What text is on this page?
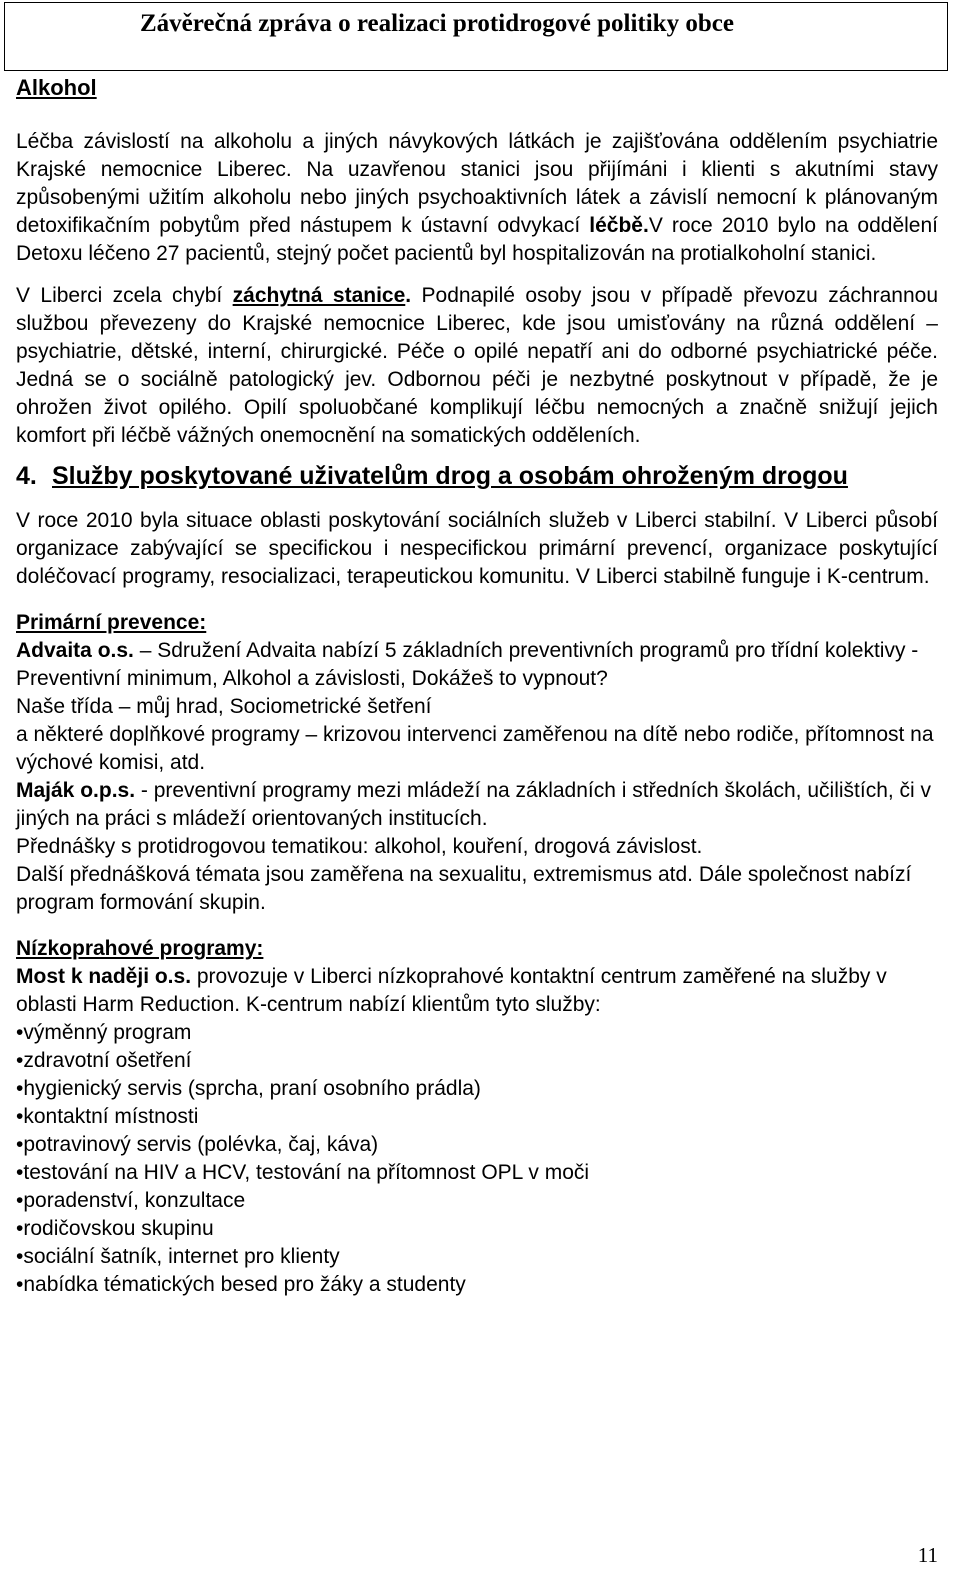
Závěrečná zpráva o realizaci protidrogové politiky obce
Alkohol

Léčba závislostí na alkoholu a jiných návykových látkách je zajišťována oddělením psychiatrie Krajské nemocnice Liberec. Na uzavřenou stanici jsou přijímáni i klienti s akutními stavy způsobenými užitím alkoholu nebo jiných psychoaktivních látek a závislí nemocní k plánovaným detoxifikačním pobytům před nástupem k ústavní odvykací léčbě.V roce 2010 bylo na oddělení Detoxu léčeno 27 pacientů, stejný počet pacientů byl hospitalizován na protialkoholní stanici.

V Liberci zcela chybí záchytná stanice. Podnapilé osoby jsou v případě převozu záchrannou službou převezeny do Krajské nemocnice Liberec, kde jsou umisťovány na různá oddělení – psychiatrie, dětské, interní, chirurgické. Péče o opilé nepatří ani do odborné psychiatrické péče. Jedná se o sociálně patologický jev. Odbornou péči je nezbytné poskytnout v případě, že je ohrožen život opilého. Opilí spoluobčané komplikují léčbu nemocných a značně snižují jejich komfort při léčbě vážných onemocnění na somatických odděleních.

4. Služby poskytované uživatelům drog a osobám ohroženým drogou

V roce 2010 byla situace oblasti poskytování sociálních služeb v Liberci stabilní. V Liberci působí organizace zabývající se specifickou i nespecifickou primární prevencí, organizace poskytující doléčovací programy, resocializaci, terapeutickou komunitu. V Liberci stabilně funguje i K-centrum.

Primární prevence:

Advaita o.s. – Sdružení Advaita nabízí 5 základních preventivních programů pro třídní kolektivy - Preventivní minimum, Alkohol a závislosti, Dokážeš to vypnout?

Naše třída – můj hrad, Sociometrické šetření

a některé doplňkové programy – krizovou intervenci zaměřenou na dítě nebo rodiče, přítomnost na výchové komisi, atd.

Maják o.p.s. - preventivní programy mezi mládeží na základních i středních školách, učilištích, či v jiných na práci s mládeží orientovaných institucích.

Přednášky s protidrogovou tematikou: alkohol, kouření, drogová závislost.

Další přednášková témata jsou zaměřena na sexualitu, extremismus atd. Dále společnost nabízí program formování skupin.

Nízkoprahové programy:

Most k naději o.s. provozuje v Liberci nízkoprahové kontaktní centrum zaměřené na služby v oblasti Harm Reduction. K-centrum nabízí klientům tyto služby:

• výměnný program
• zdravotní ošetření
• hygienický servis (sprcha, praní osobního prádla)
• kontaktní místnosti
• potravinový servis (polévka, čaj, káva)
• testování na HIV a HCV, testování na přítomnost OPL v moči
• poradenství, konzultace
• rodičovskou skupinu
• sociální šatník, internet pro klienty
• nabídka tématických besed pro žáky a studenty
11
